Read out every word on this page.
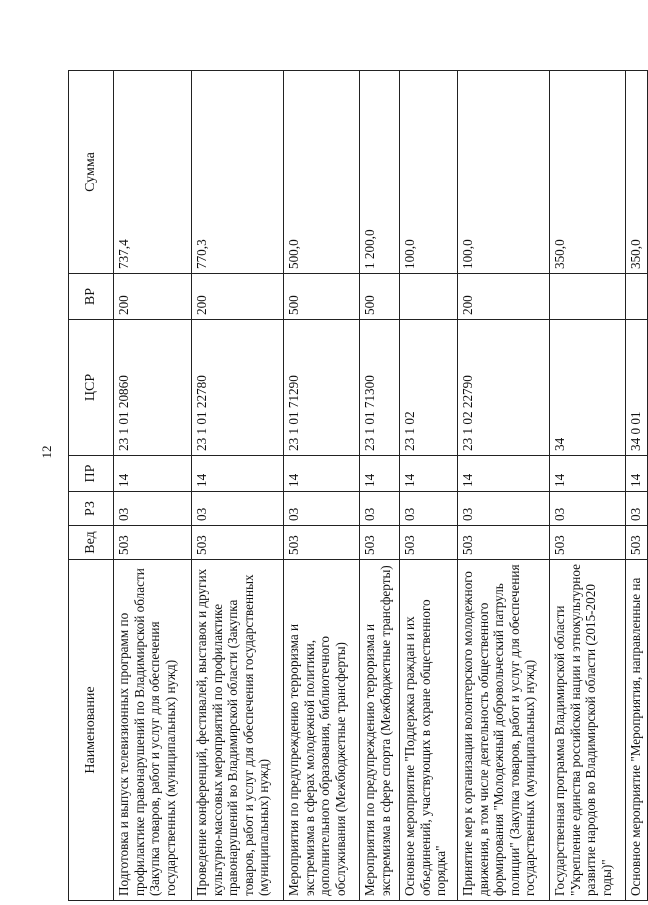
12
Наименование	Вед	РЗ	ПР	ЦСР	ВР	Сумма
Подготовка и выпуск телевизионных программ по профилактике правонарушений по Владимирской области (Закупка товаров, работ и услуг для обеспечения государственных (муниципальных) нужд)	503	03	14	23 1 01 20860	200	737,4
Проведение конференций, фестивалей, выставок и других культурно-массовых мероприятий по профилактике правонарушений во Владимирской области (Закупка товаров, работ и услуг для обеспечения государственных (муниципальных) нужд)	503	03	14	23 1 01 22780	200	770,3
Мероприятия по предупреждению терроризма и экстремизма в сферах молодежной политики, дополнительного образования, библиотечного обслуживания (Межбюджетные трансферты)	503	03	14	23 1 01 71290	500	500,0
Мероприятия по предупреждению терроризма и экстремизма в сфере спорта (Межбюджетные трансферты)	503	03	14	23 1 01 71300	500	1 200,0
Основное мероприятие "Поддержка граждан и их объединений, участвующих в охране общественного порядка"	503	03	14	23 1 02		100,0
Принятие мер к организации волонтерского молодежного движения, в том числе деятельность общественного формирования "Молодежный добровольческий патруль полиции" (Закупка товаров, работ и услуг для обеспечения государственных (муниципальных) нужд)	503	03	14	23 1 02 22790	200	100,0
Государственная программа Владимирской области "Укрепление единства российской нации и этнокультурное развитие народов во Владимирской области (2015-2020 годы)"	503	03	14	34		350,0
Основное мероприятие "Мероприятия, направленные на	503	03	14	34 0 01		350,0
